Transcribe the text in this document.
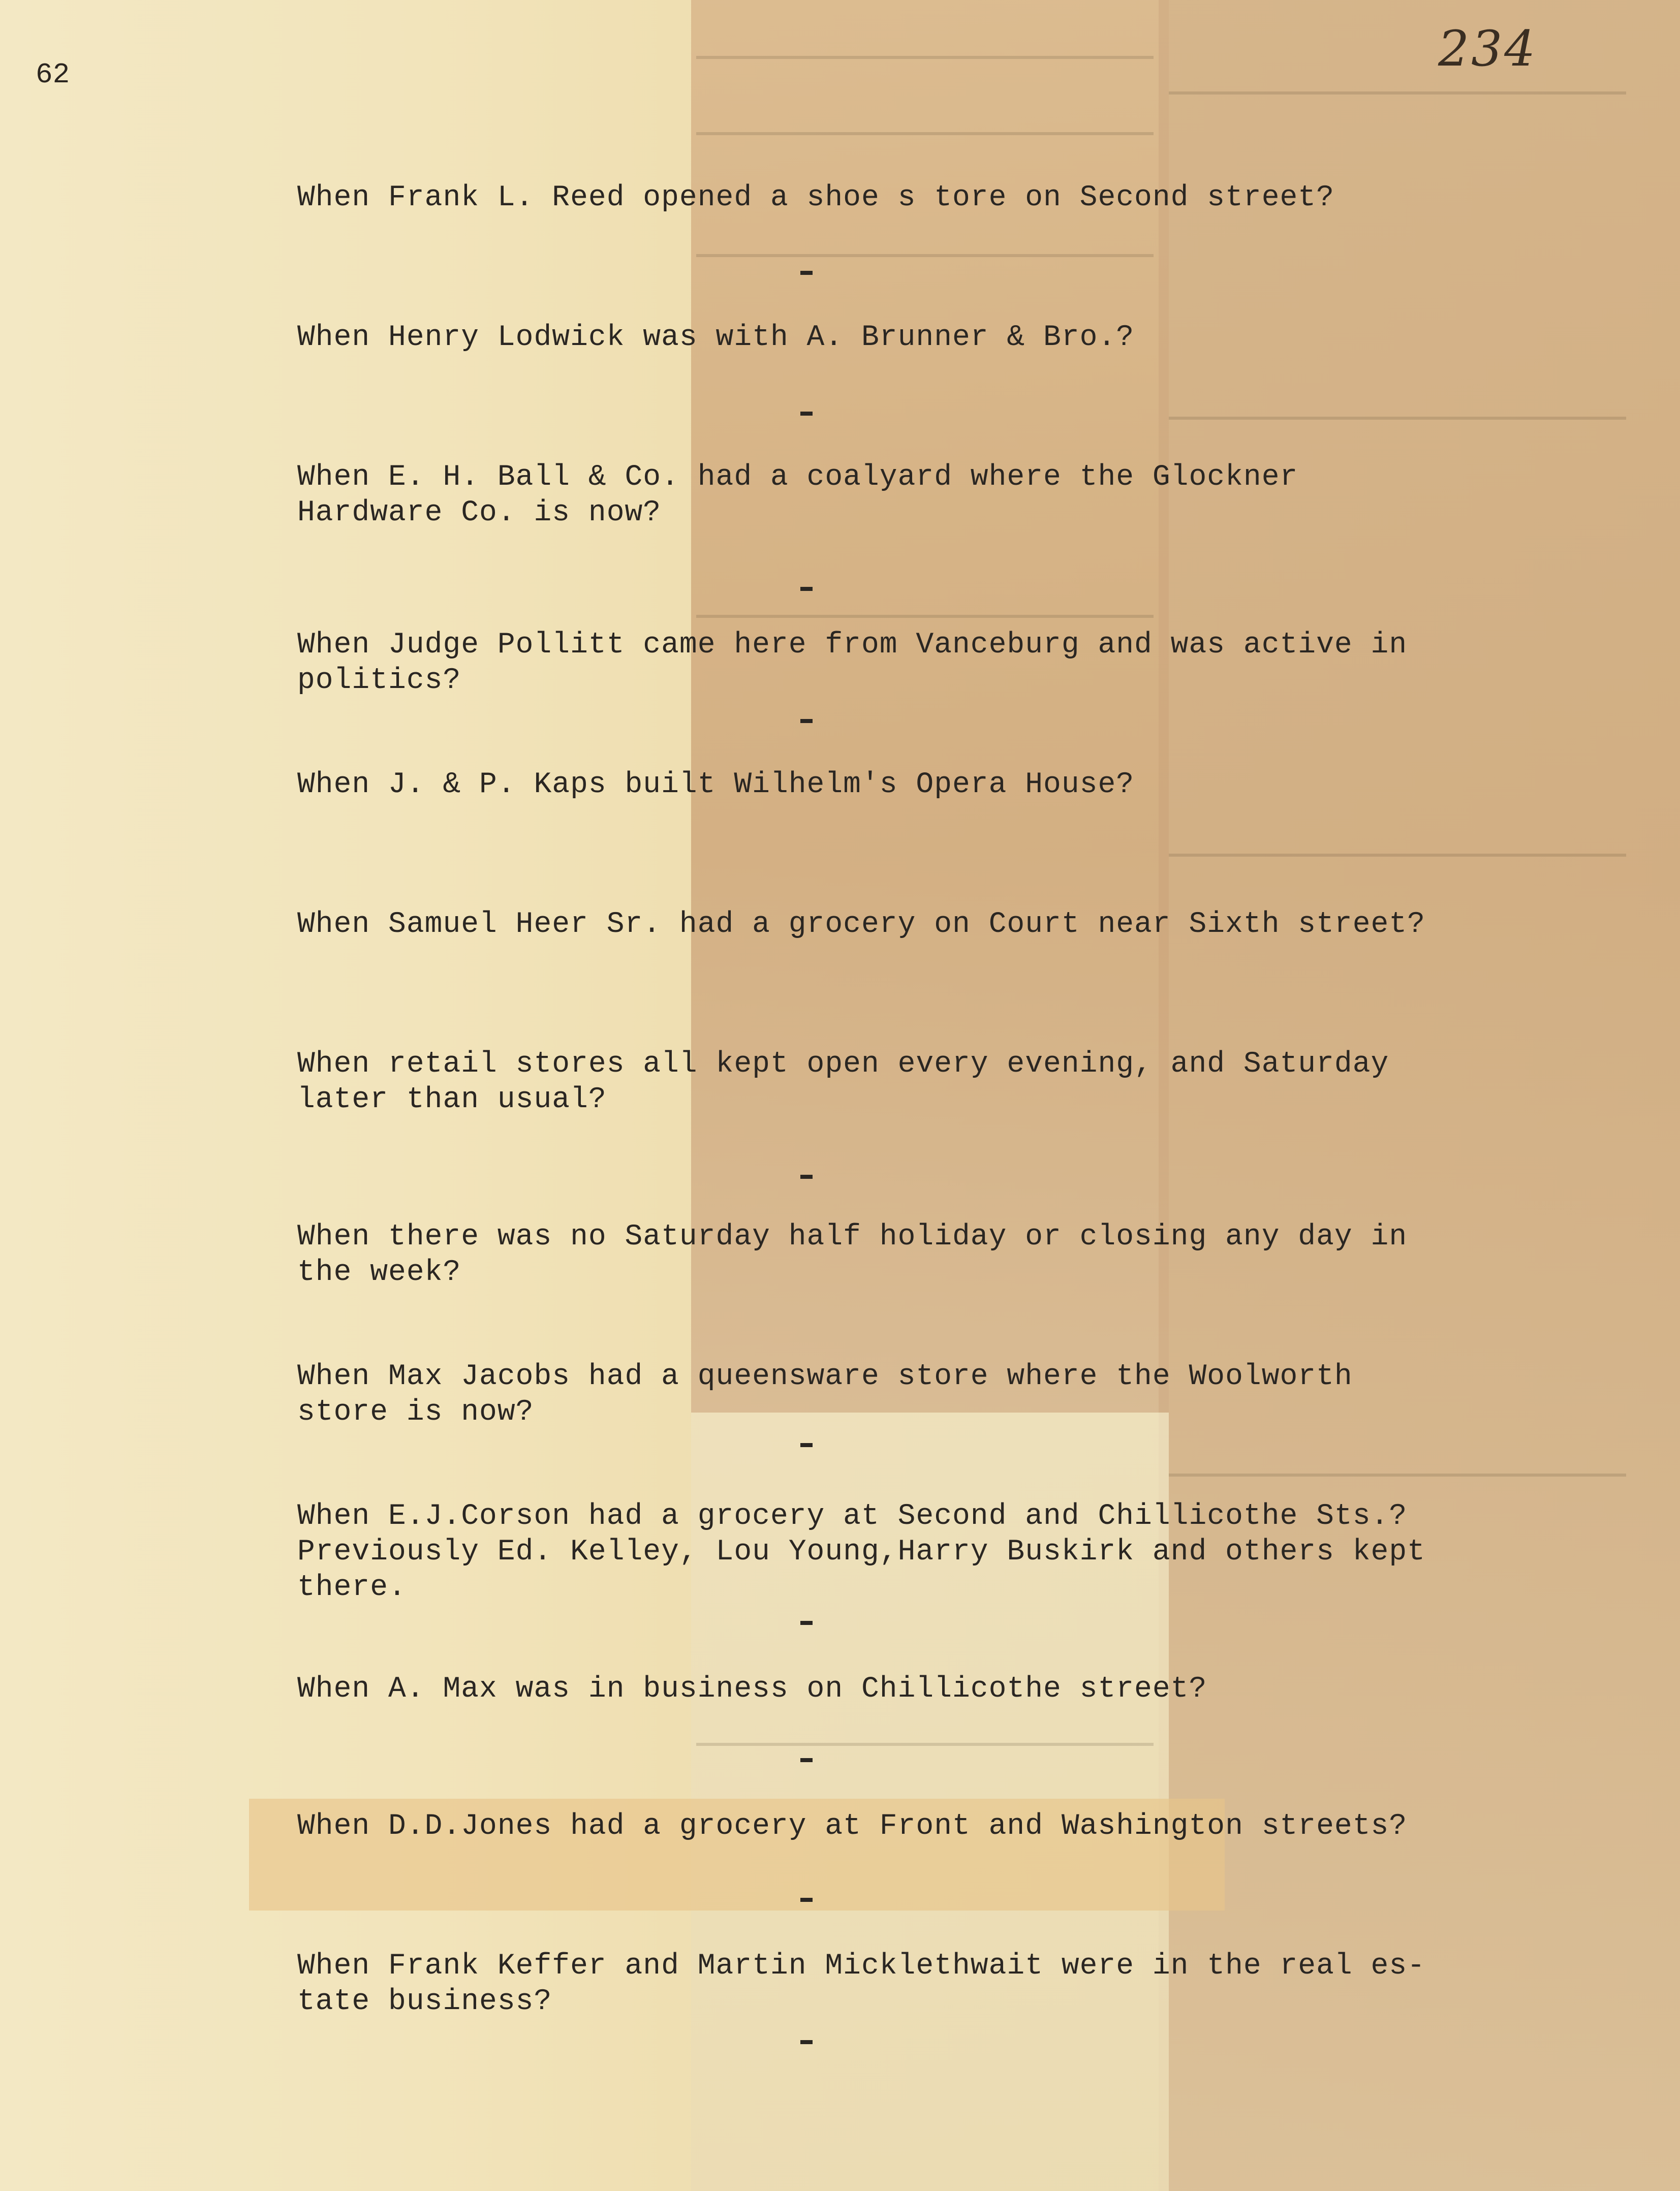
62	234
When Frank L. Reed opened a shoe s tore on Second street?
When Henry Lodwick was with A. Brunner & Bro.?
When E. H. Ball & Co. had a coalyard where the Glockner
Hardware Co. is now?
When Judge Pollitt came here from Vanceburg and was active in
politics?
When J. & P. Kaps built Wilhelm's Opera House?
When Samuel Heer Sr. had a grocery on Court near Sixth street?
When retail stores all kept open every evening, and Saturday
later than usual?
When there was no Saturday half holiday or closing any day in
the week?
When Max Jacobs had a queensware store where the Woolworth
store is now?
When E.J.Corson had a grocery at Second and Chillicothe Sts.?
Previously Ed. Kelley, Lou Young,Harry Buskirk and others kept
there.
When A. Max was in business on Chillicothe street?
When D.D.Jones had a grocery at Front and Washington streets?
When Frank Keffer and Martin Micklethwait were in the real es-
tate business?
